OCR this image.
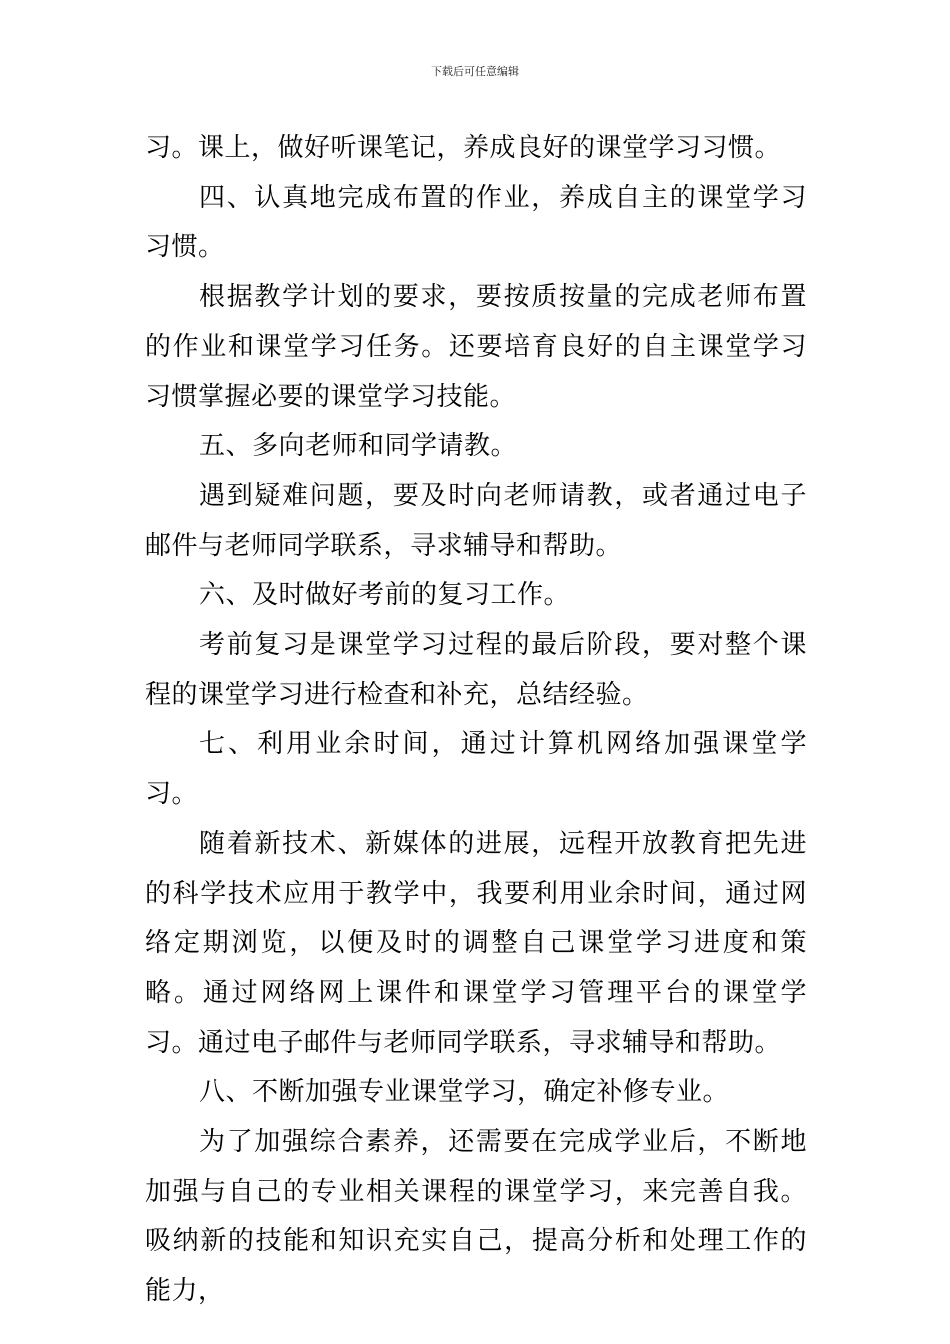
下载后可任意编辑

习。课上，做好听课笔记，养成良好的课堂学习习惯。

四、认真地完成布置的作业，养成自主的课堂学习习惯。

根据教学计划的要求，要按质按量的完成老师布置的作业和课堂学习任务。还要培育良好的自主课堂学习习惯掌握必要的课堂学习技能。

五、多向老师和同学请教。

遇到疑难问题，要及时向老师请教，或者通过电子邮件与老师同学联系，寻求辅导和帮助。

六、及时做好考前的复习工作。

考前复习是课堂学习过程的最后阶段，要对整个课程的课堂学习进行检查和补充，总结经验。

七、利用业余时间，通过计算机网络加强课堂学习。

随着新技术、新媒体的进展，远程开放教育把先进的科学技术应用于教学中，我要利用业余时间，通过网络定期浏览，以便及时的调整自己课堂学习进度和策略。通过网络网上课件和课堂学习管理平台的课堂学习。通过电子邮件与老师同学联系，寻求辅导和帮助。

八、不断加强专业课堂学习，确定补修专业。

为了加强综合素养，还需要在完成学业后，不断地加强与自己的专业相关课程的课堂学习，来完善自我。吸纳新的技能和知识充实自己，提高分析和处理工作的能力，
